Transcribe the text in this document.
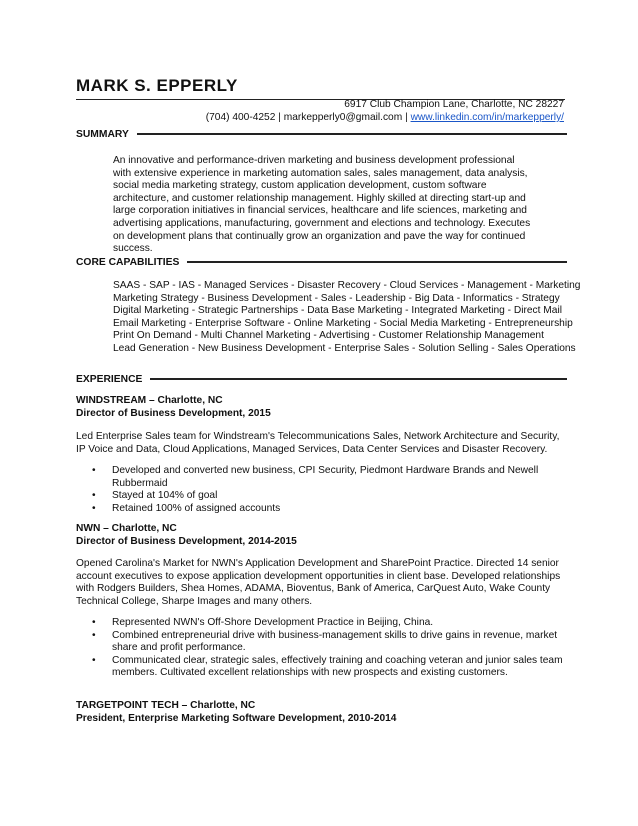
MARK S. EPPERLY
6917 Club Champion Lane, Charlotte, NC 28227
(704) 400-4252 | markepperly0@gmail.com | www.linkedin.com/in/markepperly/
SUMMARY
An innovative and performance-driven marketing and business development professional with extensive experience in marketing automation sales, sales management, data analysis, social media marketing strategy, custom application development, custom software architecture, and customer relationship management. Highly skilled at directing start-up and large corporation initiatives in financial services, healthcare and life sciences, marketing and advertising applications, manufacturing, government and elections and technology. Executes on development plans that continually grow an organization and pave the way for continued success.
CORE CAPABILITIES
SAAS - SAP - IAS - Managed Services - Disaster Recovery - Cloud Services - Management - Marketing
Marketing Strategy - Business Development - Sales - Leadership - Big Data - Informatics - Strategy
Digital Marketing - Strategic Partnerships - Data Base Marketing - Integrated Marketing - Direct Mail
Email Marketing - Enterprise Software - Online Marketing - Social Media Marketing - Entrepreneurship
Print On Demand - Multi Channel Marketing - Advertising - Customer Relationship Management
Lead Generation - New Business Development - Enterprise Sales - Solution Selling - Sales Operations
EXPERIENCE
WINDSTREAM – Charlotte, NC
Director of Business Development, 2015
Led Enterprise Sales team for Windstream's Telecommunications Sales, Network Architecture and Security, IP Voice and Data, Cloud Applications, Managed Services, Data Center Services and Disaster Recovery.
• Developed and converted new business, CPI Security, Piedmont Hardware Brands and Newell Rubbermaid
• Stayed at 104% of goal
• Retained 100% of assigned accounts
NWN – Charlotte, NC
Director of Business Development, 2014-2015
Opened Carolina's Market for NWN's Application Development and SharePoint Practice. Directed 14 senior account executives to expose application development opportunities in client base. Developed relationships with Rodgers Builders, Shea Homes, ADAMA, Bioventus, Bank of America, CarQuest Auto, Wake County Technical College, Sharpe Images and many others.
• Represented NWN's Off-Shore Development Practice in Beijing, China.
• Combined entrepreneurial drive with business-management skills to drive gains in revenue, market share and profit performance.
• Communicated clear, strategic sales, effectively training and coaching veteran and junior sales team members. Cultivated excellent relationships with new prospects and existing customers.
TARGETPOINT TECH – Charlotte, NC
President, Enterprise Marketing Software Development, 2010-2014
